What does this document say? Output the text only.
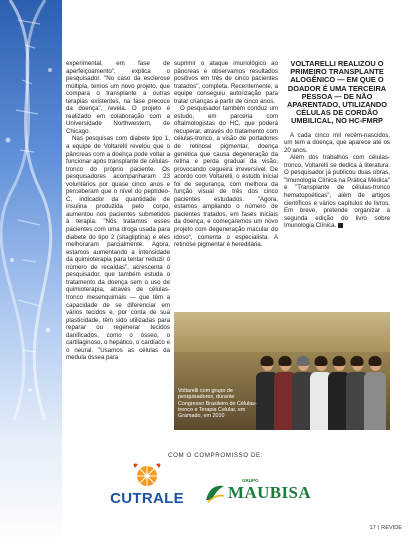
experimental, em fase de aperfeiçoamento", explica o pesquisador. "No caso da esclerose múltipla, temos um novo projeto, que compara o transplante a outras terapias existentes, na fase precoce da doença", revela. O projeto é realizado em colaboração com a Universidade Northwestern, de Chicago.

Nas pesquisas com diabete tipo 1, a equipe de Voltarelli revelou que o pâncreas com a doença pode voltar a funcionar após transplante de células-tronco do próprio paciente. Os pesquisadores acompanharam 23 voluntários por quase cinco anos e perceberam que o nível do peptídeo-C, indicador da quantidade de insulina produzida pelo corpo, aumentou nos pacientes submetidos à terapia. "Nós tratamos esses pacientes com uma droga usada para diabete do tipo 2 (sitagliptina) e eles melhoraram parcialmente. Agora, estamos aumentando a intensidade da quimioterapia para tentar reduzir o número de recaídas", acrescenta o pesquisador, que também estuda o tratamento da doença sem o uso de quimioterapia, através de células-tronco mesenquimais — que têm a capacidade de se diferenciar em vários tecidos e, por conta de sua plasticidade, têm sido utilizadas para reparar ou regenerar tecidos danificados, como o ósseo, o cartilaginoso, o hepático, o cardíaco e o neural. "Usamos as células da medula óssea para

suprimir o ataque imunológico ao pâncreas e observamos resultados positivos em três de cinco pacientes tratados", completa. Recentemente, a equipe conseguiu autorização para tratar crianças a partir de cinco anos.

O pesquisador também conduz um estudo, em parceria com oftalmologistas do HC, que poderá recuperar, através do tratamento com células-tronco, a visão de portadores de retinose pigmentar, doença genética que causa degeneração da retina e perda gradual da visão, provocando cegueira irreversível. De acordo com Voltarelli, o estudo inicial foi de segurança, com melhora da função visual de três dos cinco pacientes estudados. "Agora, estamos ampliando o número de pacientes tratados, em fases iniciais da doença, e começaremos um novo projeto com degeneração macular do idoso", comenta o especialista. A retinose pigmentar é hereditária.

VOLTARELLI REALIZOU O PRIMEIRO TRANSPLANTE ALOGÊNICO — EM QUE O DOADOR É UMA TERCEIRA PESSOA — DE NÃO APARENTADO, UTILIZANDO CÉLULAS DE CORDÃO UMBILICAL, NO HC-FMRP

A cada cinco mil recém-nascidos, um tem a doença, que aparece até os 20 anos.

Além dos trabalhos com células-tronco, Voltarelli se dedica à literatura. O pesquisador já publicou duas obras, "Imunologia Clínica na Prática Médica" e "Transplante de células-tronco hematopoéticas", além de artigos científicos e vários capítulos de livros. Em breve, pretende organizar a segunda edição do livro sobre Imunologia Clínica.

Voltarelli com grupo de pesquisadores, durante Congresso Brasileiro de Células-tronco e Terapia Celular, em Gramado, em 2010
COM O COMPROMISSO DE:
CUTRALE
GRUPO
MAUBISA
17 | REVIDE
